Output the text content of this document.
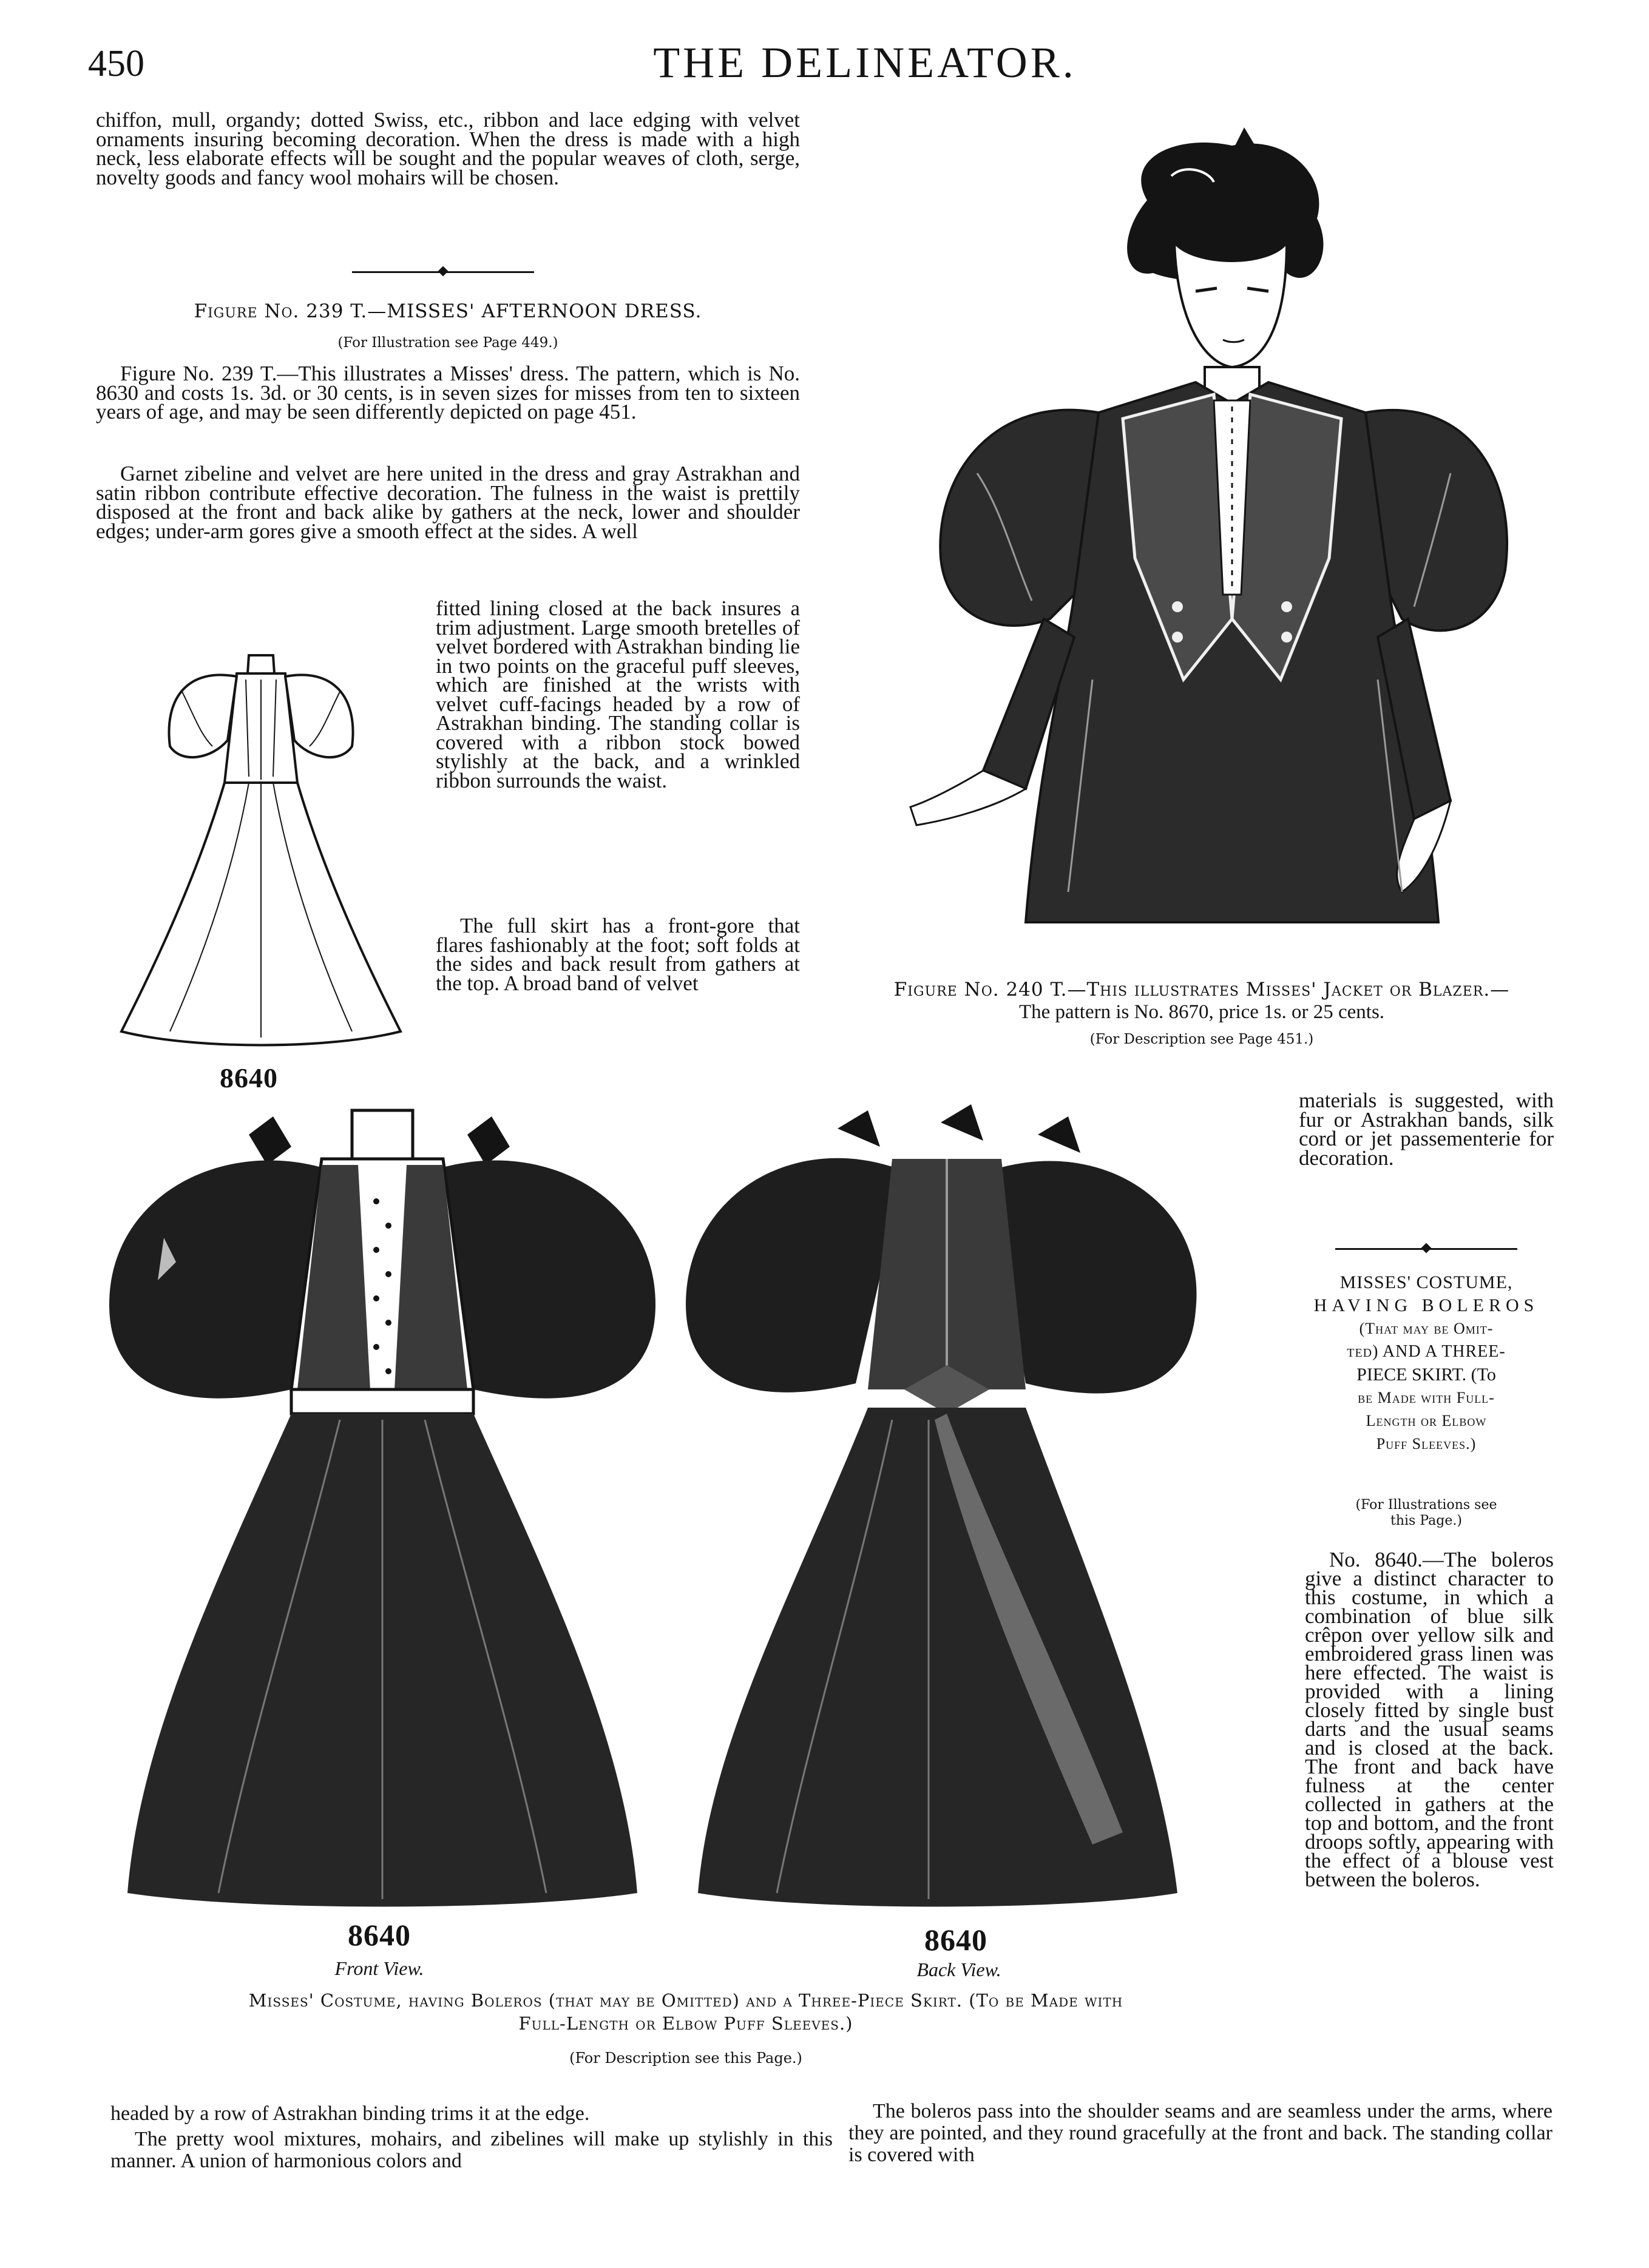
450	THE DELINEATOR.
chiffon, mull, organdy; dotted Swiss, etc., ribbon and lace edging with velvet ornaments insuring becoming decoration. When the dress is made with a high neck, less elaborate effects will be sought and the popular weaves of cloth, serge, novelty goods and fancy wool mohairs will be chosen.
Figure No. 239 T.—MISSES' AFTERNOON DRESS.
(For Illustration see Page 449.)
Figure No. 239 T.—This illustrates a Misses' dress. The pattern, which is No. 8630 and costs 1s. 3d. or 30 cents, is in seven sizes for misses from ten to sixteen years of age, and may be seen differently depicted on page 451.
Garnet zibeline and velvet are here united in the dress and gray Astrakhan and satin ribbon contribute effective decoration. The fulness in the waist is prettily disposed at the front and back alike by gathers at the neck, lower and shoulder edges; under-arm gores give a smooth effect at the sides. A well
fitted lining closed at the back insures a trim adjustment. Large smooth bretelles of velvet bordered with Astrakhan binding lie in two points on the graceful puff sleeves, which are finished at the wrists with velvet cuff-facings headed by a row of Astrakhan binding. The standing collar is covered with a ribbon stock bowed stylishly at the back, and a wrinkled ribbon surrounds the waist.
The full skirt has a front-gore that flares fashionably at the foot; soft folds at the sides and back result from gathers at the top. A broad band of velvet
8640
Figure No. 240 T.—This illustrates Misses' Jacket or Blazer.—
The pattern is No. 8670, price 1s. or 25 cents.
(For Description see Page 451.)
8640
Front View.
8640
Back View.
Misses' Costume, having Boleros (that may be Omitted) and a Three-Piece Skirt. (To be Made with
Full-Length or Elbow Puff Sleeves.)
(For Description see this Page.)
materials is suggested, with fur or Astrakhan bands, silk cord or jet passementerie for decoration.
MISSES' COSTUME,
HAVING BOLEROS
(That may be Omit-
ted) AND A THREE-
PIECE SKIRT. (To
be Made with Full-
Length or Elbow
Puff Sleeves.)
(For Illustrations see
this Page.)
No. 8640.—The boleros give a distinct character to this costume, in which a combination of blue silk crêpon over yellow silk and embroidered grass linen was here effected. The waist is provided with a lining closely fitted by single bust darts and the usual seams and is closed at the back. The front and back have fulness at the center collected in gathers at the top and bottom, and the front droops softly, appearing with the effect of a blouse vest between the boleros.
headed by a row of Astrakhan binding trims it at the edge.
The pretty wool mixtures, mohairs, and zibelines will make up stylishly in this manner. A union of harmonious colors and
The boleros pass into the shoulder seams and are seamless under the arms, where they are pointed, and they round gracefully at the front and back. The standing collar is covered with
